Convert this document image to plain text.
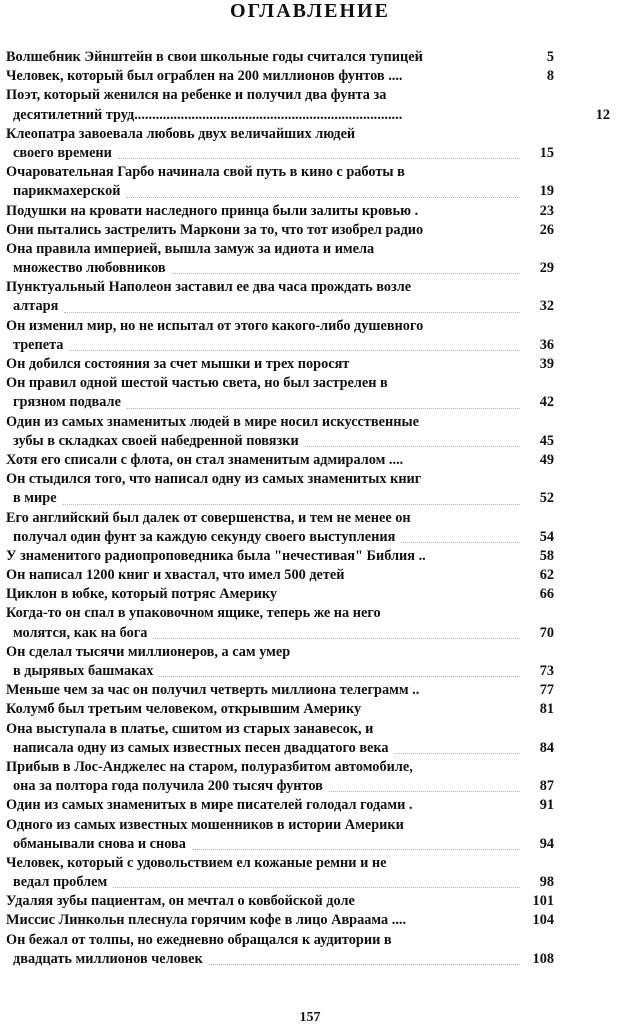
ОГЛАВЛЕНИЕ
Волшебник Эйнштейн в свои школьные годы считался тупицей	5
Человек, который был ограблен на 200 миллионов фунтов ....	8
Поэт, который женился на ребенке и получил два фунта за
десятилетний труд...........................................................................	12
Клеопатра завоевала любовь двух величайших людей
своего времени	15
Очаровательная Гарбо начинала свой путь в кино с работы в
парикмахерской	19
Подушки на кровати наследного принца были залиты кровью .	23
Они пытались застрелить Маркони за то, что тот изобрел радио	26
Она правила империей, вышла замуж за идиота и имела
множество любовников	29
Пунктуальный Наполеон заставил ее два часа прождать возле
алтаря	32
Он изменил мир, но не испытал от этого какого-либо душевного
трепета	36
Он добился состояния за счет мышки и трех поросят	39
Он правил одной шестой частью света, но был застрелен в
грязном подвале	42
Один из самых знаменитых людей в мире носил искусственные
зубы в складках своей набедренной повязки	45
Хотя его списали с флота, он стал знаменитым адмиралом ....	49
Он стыдился того, что написал одну из самых знаменитых книг
в мире	52
Его английский был далек от совершенства, и тем не менее он
получал один фунт за каждую секунду своего выступления	54
У знаменитого радиопроповедника была "нечестивая" Библия ..	58
Он написал 1200 книг и хвастал, что имел 500 детей	62
Циклон в юбке, который потряс Америку	66
Когда-то он спал в упаковочном ящике, теперь же на него
молятся, как на бога	70
Он сделал тысячи миллионеров, а сам умер
в дырявых башмаках	73
Меньше чем за час он получил четверть миллиона телеграмм ..	77
Колумб был третьим человеком, открывшим Америку	81
Она выступала в платье, сшитом из старых занавесок, и
написала одну из самых известных песен двадцатого века	84
Прибыв в Лос-Анджелес на старом, полуразбитом автомобиле,
она за полтора года получила 200 тысяч фунтов	87
Один из самых знаменитых в мире писателей голодал годами .	91
Одного из самых известных мошенников в истории Америки
обманывали снова и снова	94
Человек, который с удовольствием ел кожаные ремни и не
ведал проблем	98
Удаляя зубы пациентам, он мечтал о ковбойской доле	101
Миссис Линкольн плеснула горячим кофе в лицо Авраама ....	104
Он бежал от толпы, но ежедневно обращался к аудитории в
двадцать миллионов человек	108
157
